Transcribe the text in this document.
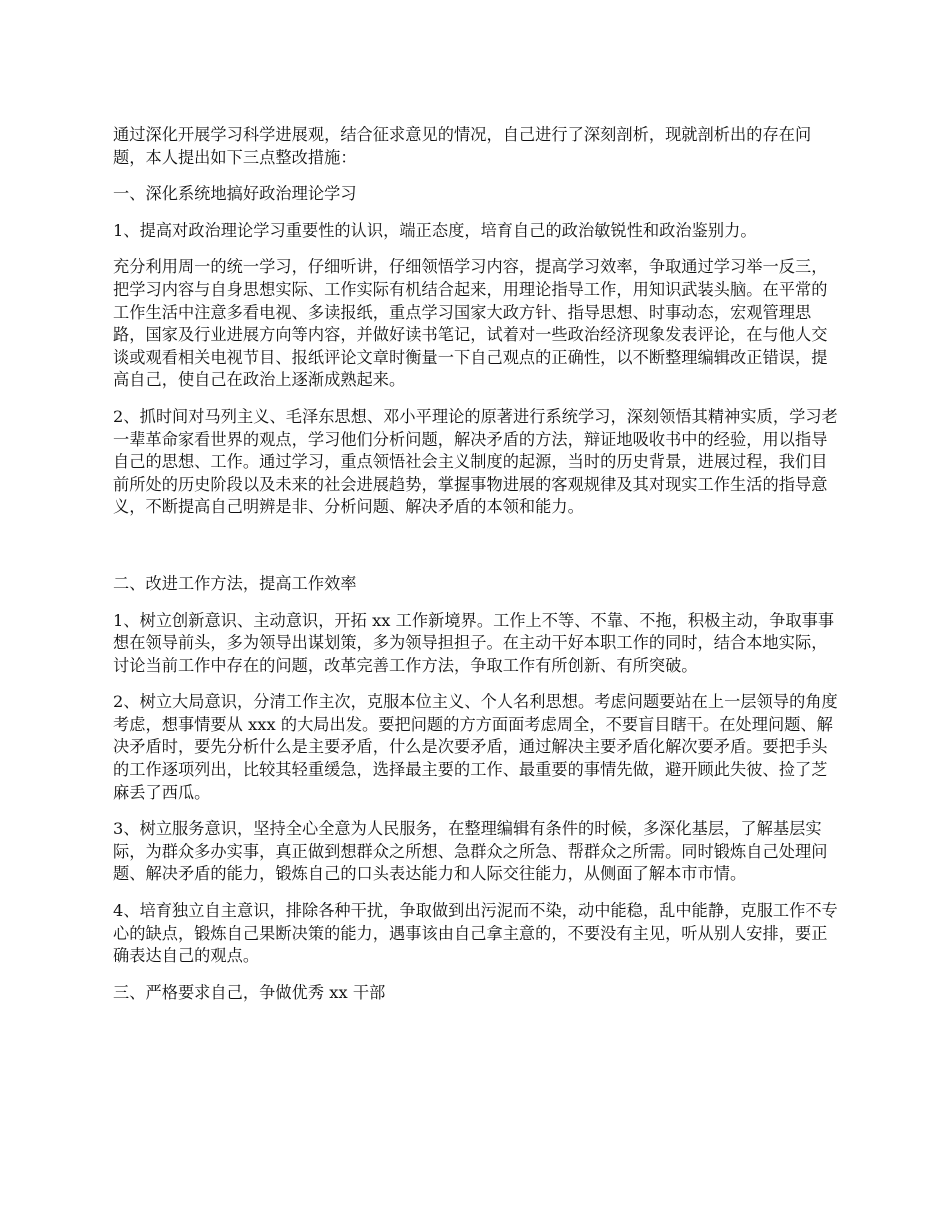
通过深化开展学习科学进展观，结合征求意见的情况，自己进行了深刻剖析，现就剖析出的存在问题，本人提出如下三点整改措施：

一、深化系统地搞好政治理论学习

1、提高对政治理论学习重要性的认识，端正态度，培育自己的政治敏锐性和政治鉴别力。

充分利用周一的统一学习，仔细听讲，仔细领悟学习内容，提高学习效率，争取通过学习举一反三，把学习内容与自身思想实际、工作实际有机结合起来，用理论指导工作，用知识武装头脑。在平常的工作生活中注意多看电视、多读报纸，重点学习国家大政方针、指导思想、时事动态，宏观管理思路，国家及行业进展方向等内容，并做好读书笔记，试着对一些政治经济现象发表评论，在与他人交谈或观看相关电视节目、报纸评论文章时衡量一下自己观点的正确性，以不断整理编辑改正错误，提高自己，使自己在政治上逐渐成熟起来。

2、抓时间对马列主义、毛泽东思想、邓小平理论的原著进行系统学习，深刻领悟其精神实质，学习老一辈革命家看世界的观点，学习他们分析问题，解决矛盾的方法，辩证地吸收书中的经验，用以指导自己的思想、工作。通过学习，重点领悟社会主义制度的起源，当时的历史背景，进展过程，我们目前所处的历史阶段以及未来的社会进展趋势，掌握事物进展的客观规律及其对现实工作生活的指导意义，不断提高自己明辨是非、分析问题、解决矛盾的本领和能力。

二、改进工作方法，提高工作效率

1、树立创新意识、主动意识，开拓 xx 工作新境界。工作上不等、不靠、不拖，积极主动，争取事事想在领导前头，多为领导出谋划策，多为领导担担子。在主动干好本职工作的同时，结合本地实际，讨论当前工作中存在的问题，改革完善工作方法，争取工作有所创新、有所突破。

2、树立大局意识，分清工作主次，克服本位主义、个人名利思想。考虑问题要站在上一层领导的角度考虑，想事情要从 xxx 的大局出发。要把问题的方方面面考虑周全，不要盲目瞎干。在处理问题、解决矛盾时，要先分析什么是主要矛盾，什么是次要矛盾，通过解决主要矛盾化解次要矛盾。要把手头的工作逐项列出，比较其轻重缓急，选择最主要的工作、最重要的事情先做，避开顾此失彼、捡了芝麻丢了西瓜。

3、树立服务意识，坚持全心全意为人民服务，在整理编辑有条件的时候，多深化基层，了解基层实际，为群众多办实事，真正做到想群众之所想、急群众之所急、帮群众之所需。同时锻炼自己处理问题、解决矛盾的能力，锻炼自己的口头表达能力和人际交往能力，从侧面了解本市市情。

4、培育独立自主意识，排除各种干扰，争取做到出污泥而不染，动中能稳，乱中能静，克服工作不专心的缺点，锻炼自己果断决策的能力，遇事该由自己拿主意的，不要没有主见，听从别人安排，要正确表达自己的观点。

三、严格要求自己，争做优秀 xx 干部
